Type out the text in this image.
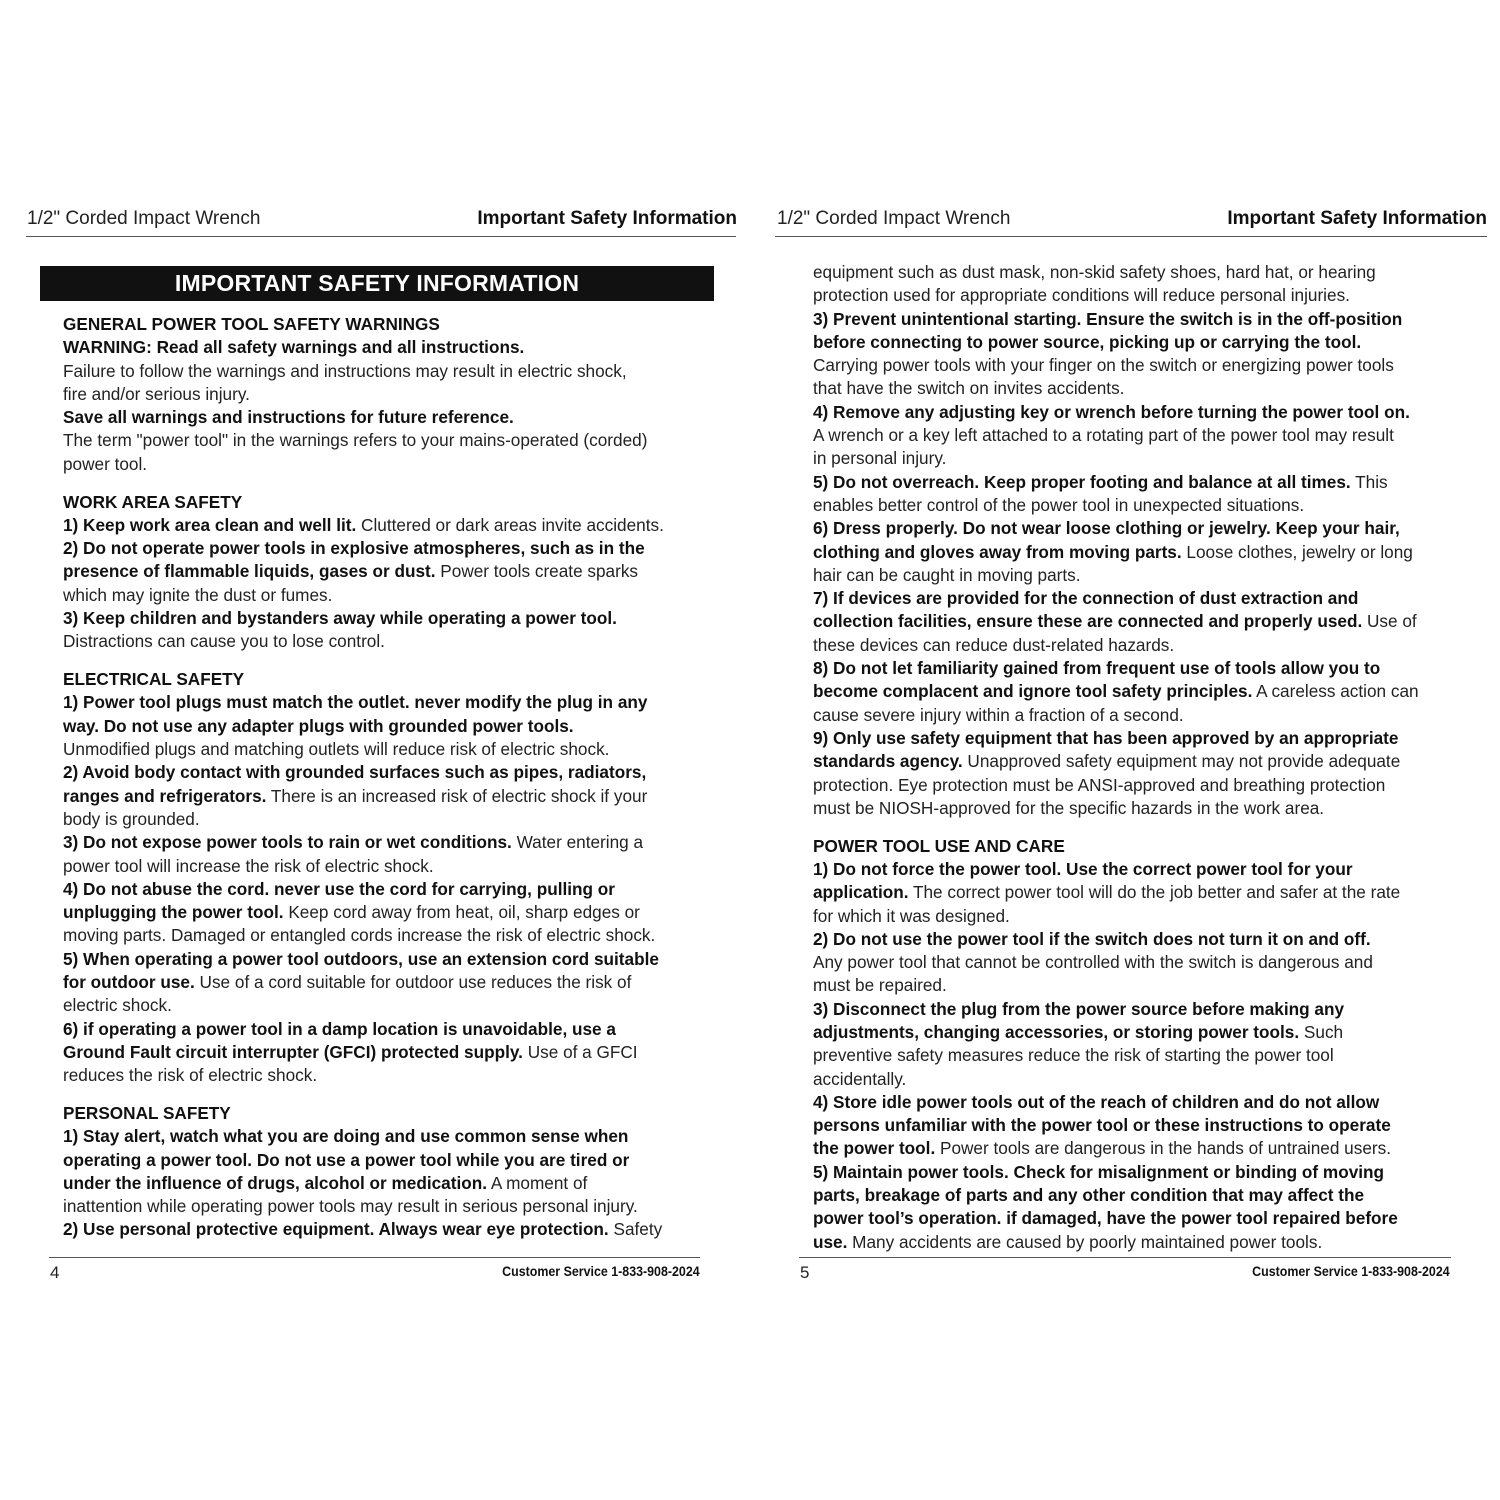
1/2" Corded Impact Wrench	Important Safety Information
IMPORTANT SAFETY INFORMATION
GENERAL POWER TOOL SAFETY WARNINGS
WARNING: Read all safety warnings and all instructions.
Failure to follow the warnings and instructions may result in electric shock,
fire and/or serious injury.
Save all warnings and instructions for future reference.
The term "power tool" in the warnings refers to your mains-operated (corded)
power tool.
WORK AREA SAFETY
1) Keep work area clean and well lit. Cluttered or dark areas invite accidents.
2) Do not operate power tools in explosive atmospheres, such as in the
presence of flammable liquids, gases or dust. Power tools create sparks
which may ignite the dust or fumes.
3) Keep children and bystanders away while operating a power tool.
Distractions can cause you to lose control.
ELECTRICAL SAFETY
1) Power tool plugs must match the outlet. never modify the plug in any
way. Do not use any adapter plugs with grounded power tools.
Unmodified plugs and matching outlets will reduce risk of electric shock.
2) Avoid body contact with grounded surfaces such as pipes, radiators,
ranges and refrigerators. There is an increased risk of electric shock if your
body is grounded.
3) Do not expose power tools to rain or wet conditions. Water entering a
power tool will increase the risk of electric shock.
4) Do not abuse the cord. never use the cord for carrying, pulling or
unplugging the power tool. Keep cord away from heat, oil, sharp edges or
moving parts. Damaged or entangled cords increase the risk of electric shock.
5) When operating a power tool outdoors, use an extension cord suitable
for outdoor use. Use of a cord suitable for outdoor use reduces the risk of
electric shock.
6) if operating a power tool in a damp location is unavoidable, use a
Ground Fault circuit interrupter (GFCI) protected supply. Use of a GFCI
reduces the risk of electric shock.
PERSONAL SAFETY
1) Stay alert, watch what you are doing and use common sense when
operating a power tool. Do not use a power tool while you are tired or
under the influence of drugs, alcohol or medication. A moment of
inattention while operating power tools may result in serious personal injury.
2) Use personal protective equipment. Always wear eye protection. Safety
4	Customer Service 1-833-908-2024
1/2" Corded Impact Wrench	Important Safety Information
equipment such as dust mask, non-skid safety shoes, hard hat, or hearing
protection used for appropriate conditions will reduce personal injuries.
3) Prevent unintentional starting. Ensure the switch is in the off-position
before connecting to power source, picking up or carrying the tool.
Carrying power tools with your finger on the switch or energizing power tools
that have the switch on invites accidents.
4) Remove any adjusting key or wrench before turning the power tool on.
A wrench or a key left attached to a rotating part of the power tool may result
in personal injury.
5) Do not overreach. Keep proper footing and balance at all times. This
enables better control of the power tool in unexpected situations.
6) Dress properly. Do not wear loose clothing or jewelry. Keep your hair,
clothing and gloves away from moving parts. Loose clothes, jewelry or long
hair can be caught in moving parts.
7) If devices are provided for the connection of dust extraction and
collection facilities, ensure these are connected and properly used. Use of
these devices can reduce dust-related hazards.
8) Do not let familiarity gained from frequent use of tools allow you to
become complacent and ignore tool safety principles. A careless action can
cause severe injury within a fraction of a second.
9) Only use safety equipment that has been approved by an appropriate
standards agency. Unapproved safety equipment may not provide adequate
protection. Eye protection must be ANSI-approved and breathing protection
must be NIOSH-approved for the specific hazards in the work area.
POWER TOOL USE AND CARE
1) Do not force the power tool. Use the correct power tool for your
application. The correct power tool will do the job better and safer at the rate
for which it was designed.
2) Do not use the power tool if the switch does not turn it on and off.
Any power tool that cannot be controlled with the switch is dangerous and
must be repaired.
3) Disconnect the plug from the power source before making any
adjustments, changing accessories, or storing power tools. Such
preventive safety measures reduce the risk of starting the power tool
accidentally.
4) Store idle power tools out of the reach of children and do not allow
persons unfamiliar with the power tool or these instructions to operate
the power tool. Power tools are dangerous in the hands of untrained users.
5) Maintain power tools. Check for misalignment or binding of moving
parts, breakage of parts and any other condition that may affect the
power tool’s operation. if damaged, have the power tool repaired before
use. Many accidents are caused by poorly maintained power tools.
5	Customer Service 1-833-908-2024
